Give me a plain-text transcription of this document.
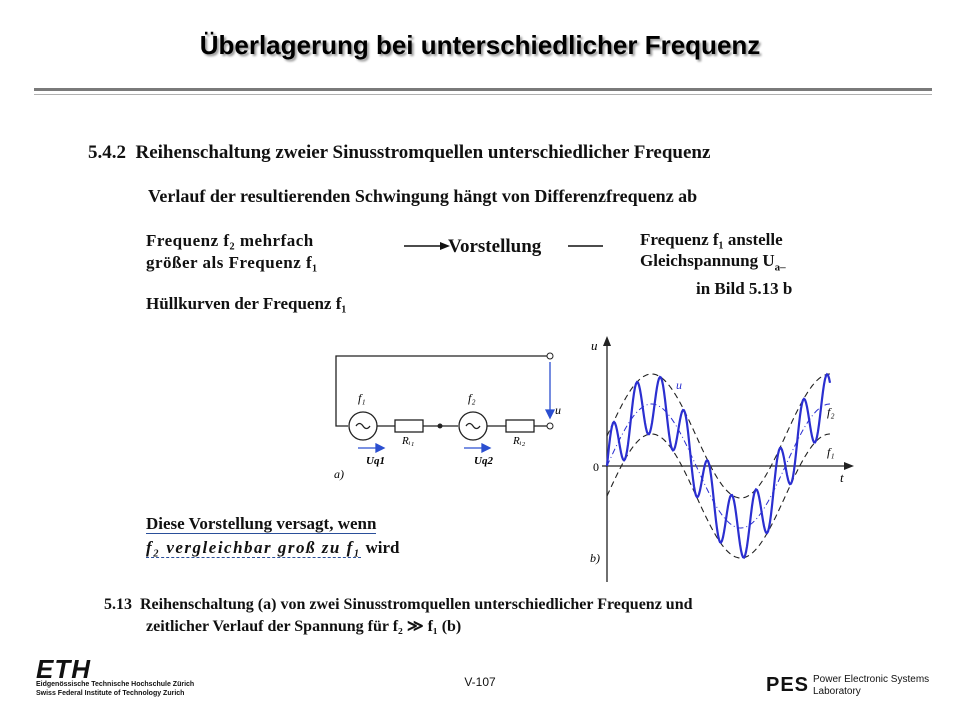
Überlagerung bei unterschiedlicher Frequenz
5.4.2 Reihenschaltung zweier Sinusstromquellen unterschiedlicher Frequenz
Verlauf der resultierenden Schwingung hängt von Differenzfrequenz ab
Frequenz f₂ mehrfach
größer als Frequenz f₁
Vorstellung	Frequenz f₁ anstelle
Gleichspannung $U_{a-}$
in Bild 5.13 b
Hüllkurven der Frequenz f₁
f₁	f₂
Rᵢ₁	Rᵢ₂
Uq1	Uq2
u
a)
u
t
0
u
f₂
f₁
b)
Diese Vorstellung versagt, wenn
f₂ vergleichbar groß zu f₁ wird
5.13 Reihenschaltung (a) von zwei Sinusstromquellen unterschiedlicher Frequenz und
zeitlicher Verlauf der Spannung für f₂ ≫ f₁ (b)
ETH
Eidgenössische Technische Hochschule Zürich
Swiss Federal Institute of Technology Zurich
V-107	PES Power Electronic Systems
Laboratory
